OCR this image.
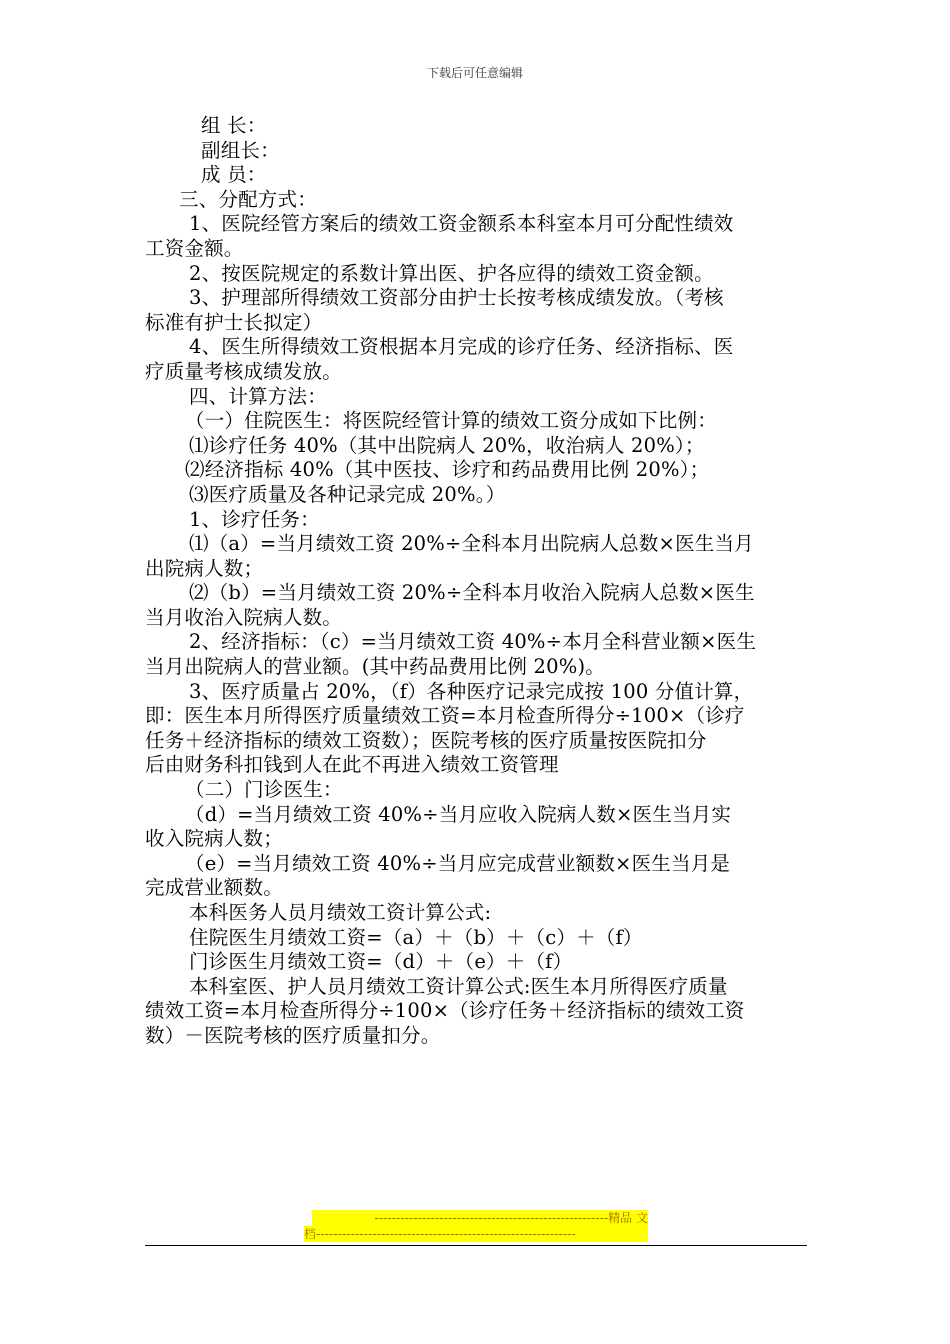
下载后可任意编辑

组 长：

副组长：

成 员：

三、分配方式：

1、医院经管方案后的绩效工资金额系本科室本月可分配性绩效

工资金额。

2、按医院规定的系数计算出医、护各应得的绩效工资金额。

3、护理部所得绩效工资部分由护士长按考核成绩发放。（考核

标准有护士长拟定）

4、医生所得绩效工资根据本月完成的诊疗任务、经济指标、医

疗质量考核成绩发放。

四、计算方法：

（一）住院医生：将医院经管计算的绩效工资分成如下比例：

⑴诊疗任务 40%（其中出院病人 20%，收治病人 20%）；

⑵经济指标 40%（其中医技、诊疗和药品费用比例 20%）；

⑶医疗质量及各种记录完成 20%。）

1、诊疗任务：

⑴（a）=当月绩效工资 20%÷全科本月出院病人总数×医生当月

出院病人数；

⑵（b）=当月绩效工资 20%÷全科本月收治入院病人总数×医生

当月收治入院病人数。

2、经济指标：（c）=当月绩效工资 40%÷本月全科营业额×医生

当月出院病人的营业额。(其中药品费用比例 20%)。

3、医疗质量占 20%，（f）各种医疗记录完成按 100 分值计算，

即：医生本月所得医疗质量绩效工资=本月检查所得分÷100×（诊疗

任务＋经济指标的绩效工资数）；医院考核的医疗质量按医院扣分

后由财务科扣钱到人在此不再进入绩效工资管理

（二）门诊医生：

（d）=当月绩效工资 40%÷当月应收入院病人数×医生当月实

收入院病人数；

（e）=当月绩效工资 40%÷当月应完成营业额数×医生当月是

完成营业额数。

本科医务人员月绩效工资计算公式:

住院医生月绩效工资=（a）＋（b）＋（c）＋（f）

门诊医生月绩效工资=（d）＋（e）＋（f）

本科室医、护人员月绩效工资计算公式:医生本月所得医疗质量

绩效工资=本月检查所得分÷100×（诊疗任务＋经济指标的绩效工资

数）－医院考核的医疗质量扣分。

------------------------------------------------------精品 文
档------------------------------------------------------------
